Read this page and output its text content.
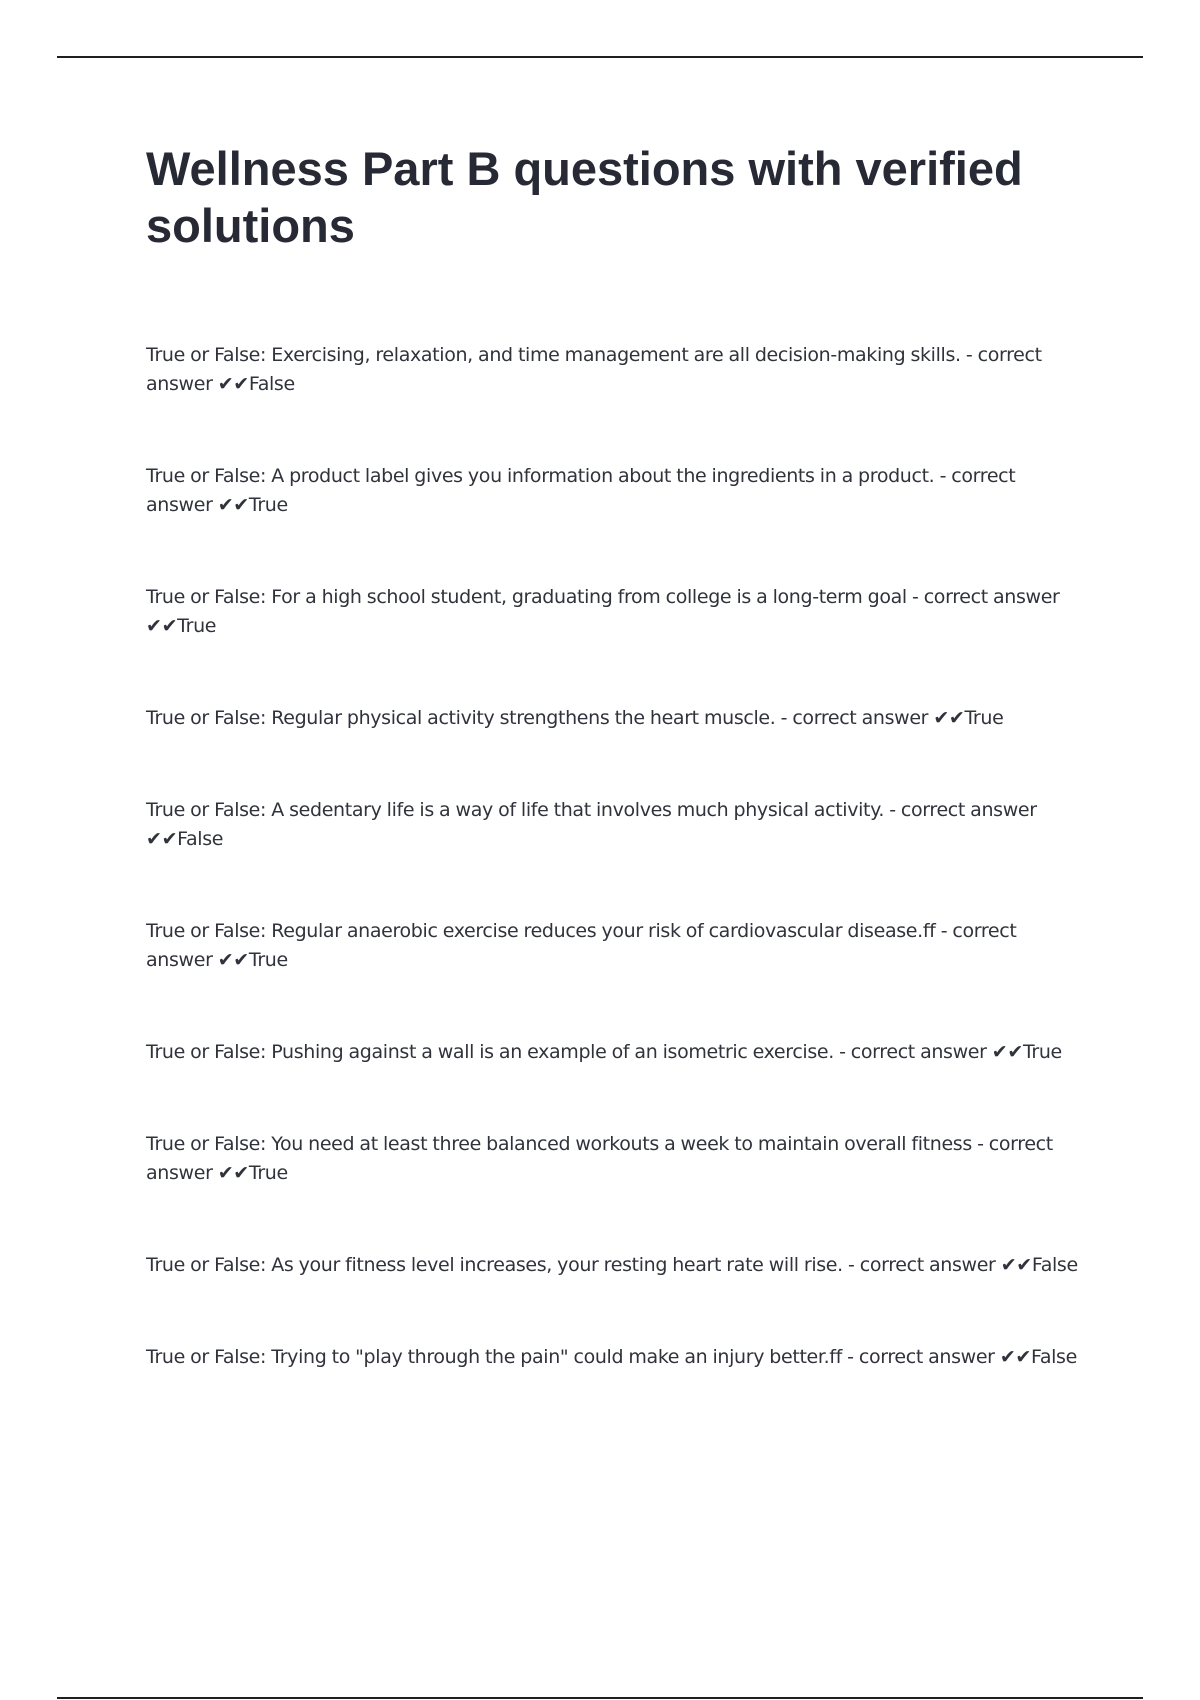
Wellness Part B questions with verified solutions
True or False: Exercising, relaxation, and time management are all decision-making skills. - correct answer ✔✔False
True or False: A product label gives you information about the ingredients in a product. - correct answer ✔✔True
True or False: For a high school student, graduating from college is a long-term goal - correct answer ✔✔True
True or False: Regular physical activity strengthens the heart muscle. - correct answer ✔✔True
True or False: A sedentary life is a way of life that involves much physical activity. - correct answer ✔✔False
True or False: Regular anaerobic exercise reduces your risk of cardiovascular disease.ff - correct answer ✔✔True
True or False: Pushing against a wall is an example of an isometric exercise. - correct answer ✔✔True
True or False: You need at least three balanced workouts a week to maintain overall fitness - correct answer ✔✔True
True or False: As your fitness level increases, your resting heart rate will rise. - correct answer ✔✔False
True or False: Trying to "play through the pain" could make an injury better.ff - correct answer ✔✔False
